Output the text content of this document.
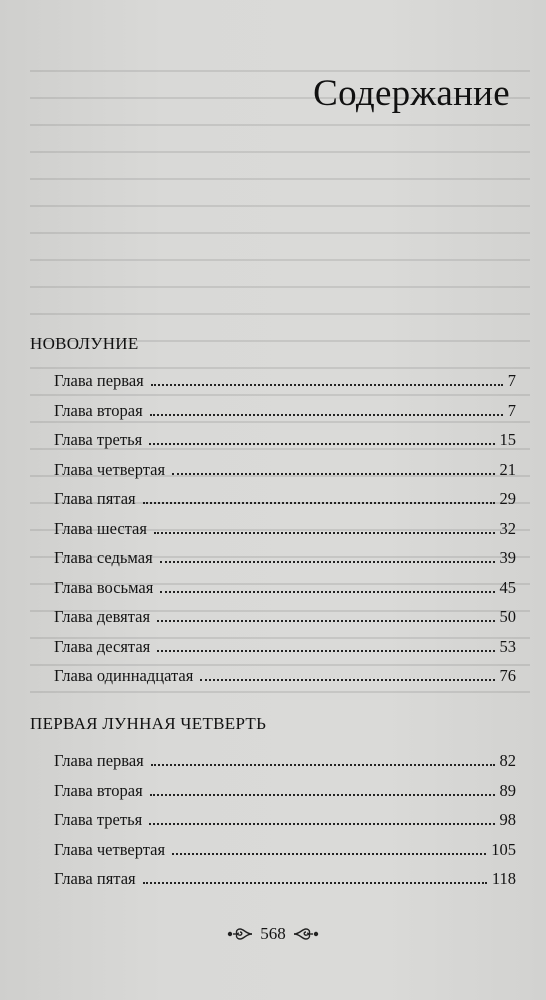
Содержание
НОВОЛУНИЕ
Глава первая	7
Глава вторая	7
Глава третья	15
Глава четвертая	21
Глава пятая	29
Глава шестая	32
Глава седьмая	39
Глава восьмая	45
Глава девятая	50
Глава десятая	53
Глава одиннадцатая	76
ПЕРВАЯ ЛУННАЯ ЧЕТВЕРТЬ
Глава первая	82
Глава вторая	89
Глава третья	98
Глава четвертая	105
Глава пятая	118
568
